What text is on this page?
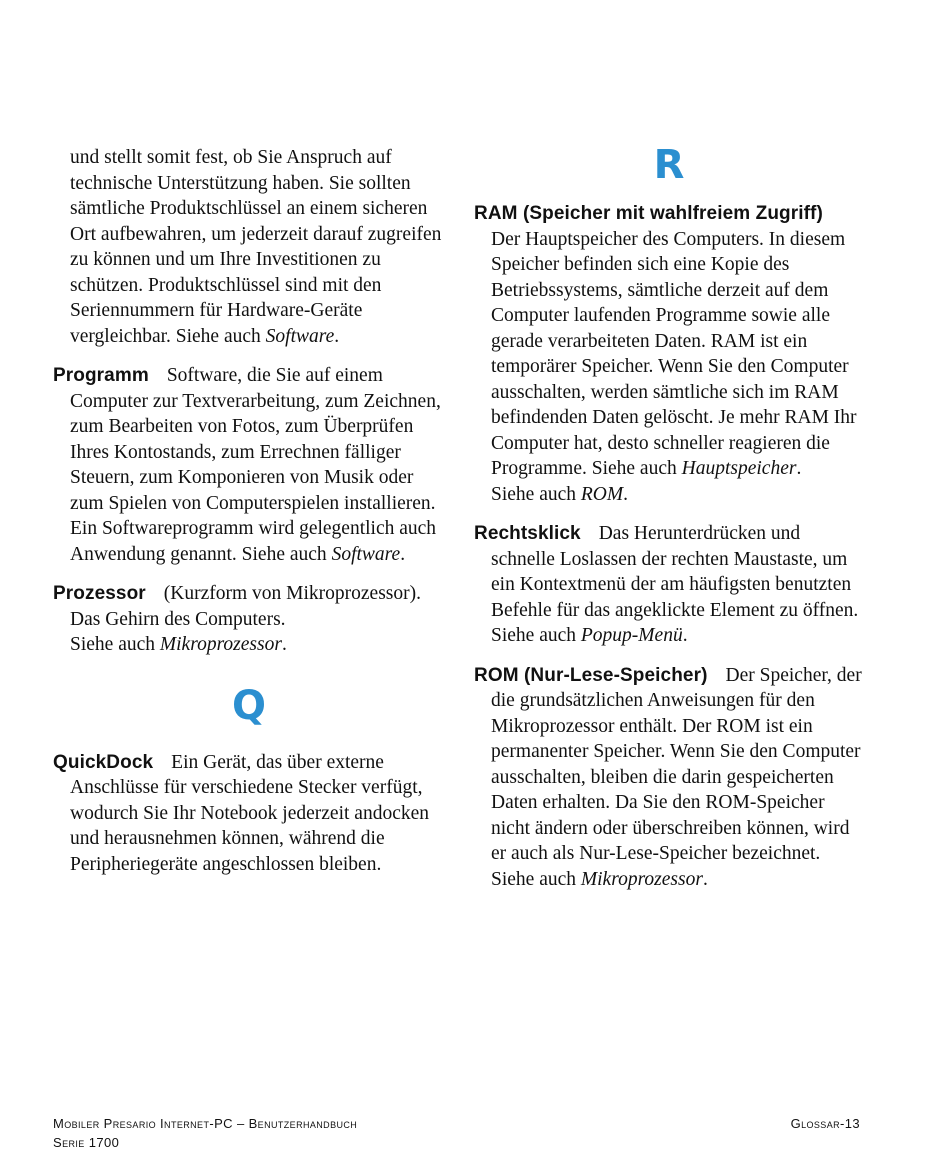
und stellt somit fest, ob Sie Anspruch auf technische Unterstützung haben. Sie sollten sämtliche Produktschlüssel an einem sicheren Ort aufbewahren, um jederzeit darauf zugreifen zu können und um Ihre Investitionen zu schützen. Produktschlüssel sind mit den Seriennummern für Hardware-Geräte vergleichbar. Siehe auch Software.

Programm Software, die Sie auf einem Computer zur Textverarbeitung, zum Zeichnen, zum Bearbeiten von Fotos, zum Überprüfen Ihres Kontostands, zum Errechnen fälliger Steuern, zum Komponieren von Musik oder zum Spielen von Computerspielen installieren. Ein Softwareprogramm wird gelegentlich auch Anwendung genannt. Siehe auch Software.

Prozessor (Kurzform von Mikroprozessor). Das Gehirn des Computers.
Siehe auch Mikroprozessor.

Q

QuickDock Ein Gerät, das über externe Anschlüsse für verschiedene Stecker verfügt, wodurch Sie Ihr Notebook jederzeit andocken und herausnehmen können, während die Peripheriegeräte angeschlossen bleiben.

R

RAM (Speicher mit wahlfreiem Zugriff)Der Hauptspeicher des Computers. In diesem Speicher befinden sich eine Kopie des Betriebssystems, sämtliche derzeit auf dem Computer laufenden Programme sowie alle gerade verarbeiteten Daten. RAM ist ein temporärer Speicher. Wenn Sie den Computer ausschalten, werden sämtliche sich im RAM befindenden Daten gelöscht. Je mehr RAM Ihr Computer hat, desto schneller reagieren die Programme. Siehe auch Hauptspeicher.
Siehe auch ROM.

Rechtsklick Das Herunterdrücken und schnelle Loslassen der rechten Maustaste, um ein Kontextmenü der am häufigsten benutzten Befehle für das angeklickte Element zu öffnen. Siehe auch Popup-Menü.

ROM (Nur-Lese-Speicher) Der Speicher, der die grundsätzlichen Anweisungen für den Mikroprozessor enthält. Der ROM ist ein permanenter Speicher. Wenn Sie den Computer ausschalten, bleiben die darin gespeicherten Daten erhalten. Da Sie den ROM-Speicher nicht ändern oder überschreiben können, wird er auch als Nur-Lese-Speicher bezeichnet. Siehe auch Mikroprozessor.

Mobiler Presario Internet-PC – Benutzerhandbuch
Serie 1700
Glossar-13
